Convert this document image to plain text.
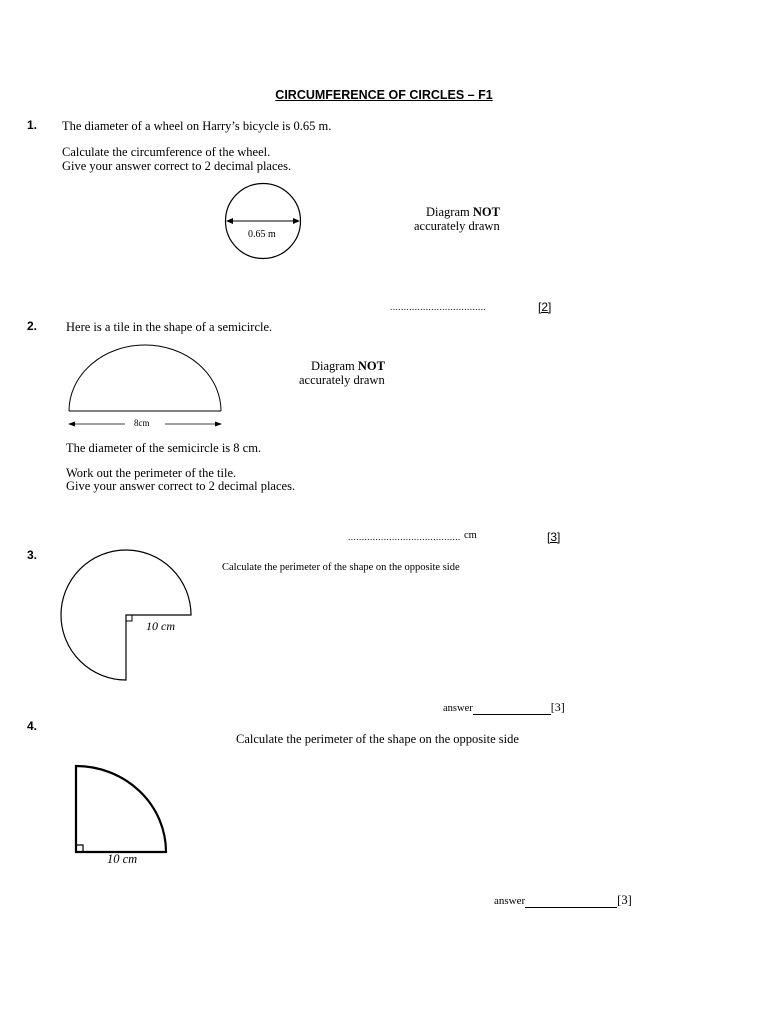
CIRCUMFERENCE OF CIRCLES – F1
1. The diameter of a wheel on Harry’s bicycle is 0.65 m.
Calculate the circumference of the wheel.
Give your answer correct to 2 decimal places.
0.65 m
Diagram NOT
accurately drawn
...................................	[2]
2. Here is a tile in the shape of a semicircle.
8cm
Diagram NOT
accurately drawn
The diameter of the semicircle is 8 cm.
Work out the perimeter of the tile.
Give your answer correct to 2 decimal places.
......................................... cm	[3]
3.
Calculate the perimeter of the shape on the opposite side
10 cm
answer	[3]
4.
Calculate the perimeter of the shape on the opposite side
10 cm
answer	[3]
